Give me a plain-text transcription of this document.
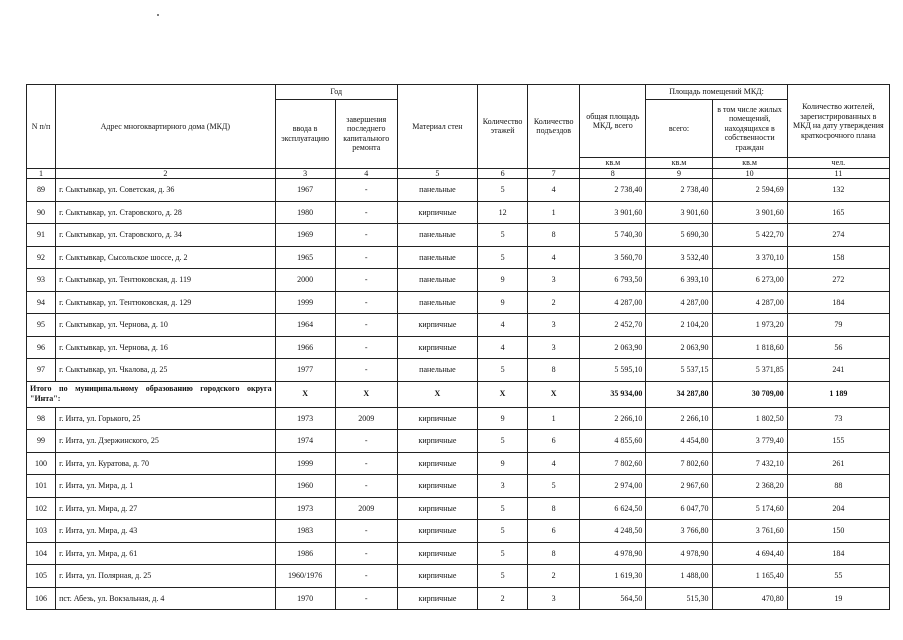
N п/п	Адрес многоквартирного дома (МКД)	Год		Материал стен	Количество этажей	Количество подъездов	общая площадь МКД, всего	Площадь помещений МКД:		Количество жителей, зарегистрированных в МКД на дату утверждения краткосрочного плана
		ввода в эксплуатацию	завершения последнего капитального ремонта					всего:	в том числе жилых помещений, находящихся в собственности граждан	
							кв.м	кв.м	кв.м	чел.
1	2	3	4	5	6	7	8	9	10	11
89	г. Сыктывкар, ул. Советская, д. 36	1967	-	панельные	5	4	2 738,40	2 738,40	2 594,69	132
90	г. Сыктывкар, ул. Старовского, д. 28	1980	-	кирпичные	12	1	3 901,60	3 901,60	3 901,60	165
91	г. Сыктывкар, ул. Старовского, д. 34	1969	-	панельные	5	8	5 740,30	5 690,30	5 422,70	274
92	г. Сыктывкар, Сысольское шоссе, д. 2	1965	-	панельные	5	4	3 560,70	3 532,40	3 370,10	158
93	г. Сыктывкар, ул. Тентюковская, д. 119	2000	-	панельные	9	3	6 793,50	6 393,10	6 273,00	272
94	г. Сыктывкар, ул. Тентюковская, д. 129	1999	-	панельные	9	2	4 287,00	4 287,00	4 287,00	184
95	г. Сыктывкар, ул. Чернова, д. 10	1964	-	кирпичные	4	3	2 452,70	2 104,20	1 973,20	79
96	г. Сыктывкар, ул. Чернова, д. 16	1966	-	кирпичные	4	3	2 063,90	2 063,90	1 818,60	56
97	г. Сыктывкар, ул. Чкалова, д. 25	1977	-	панельные	5	8	5 595,10	5 537,15	5 371,85	241
Итого по муниципальному образованию городского округа "Инта":		X	X	X	X	X	35 934,00	34 287,80	30 709,00	1 189
98	г. Инта, ул. Горького, 25	1973	2009	кирпичные	9	1	2 266,10	2 266,10	1 802,50	73
99	г. Инта, ул. Дзержинского, 25	1974	-	кирпичные	5	6	4 855,60	4 454,80	3 779,40	155
100	г. Инта, ул. Куратова, д. 70	1999	-	кирпичные	9	4	7 802,60	7 802,60	7 432,10	261
101	г. Инта, ул. Мира, д. 1	1960	-	кирпичные	3	5	2 974,00	2 967,60	2 368,20	88
102	г. Инта, ул. Мира, д. 27	1973	2009	кирпичные	5	8	6 624,50	6 047,70	5 174,60	204
103	г. Инта, ул. Мира, д. 43	1983	-	кирпичные	5	6	4 248,50	3 766,80	3 761,60	150
104	г. Инта, ул. Мира, д. 61	1986	-	кирпичные	5	8	4 978,90	4 978,90	4 694,40	184
105	г. Инта, ул. Полярная, д. 25	1960/1976	-	кирпичные	5	2	1 619,30	1 488,00	1 165,40	55
106	пст. Абезь, ул. Вокзальная, д. 4	1970	-	кирпичные	2	3	564,50	515,30	470,80	19
